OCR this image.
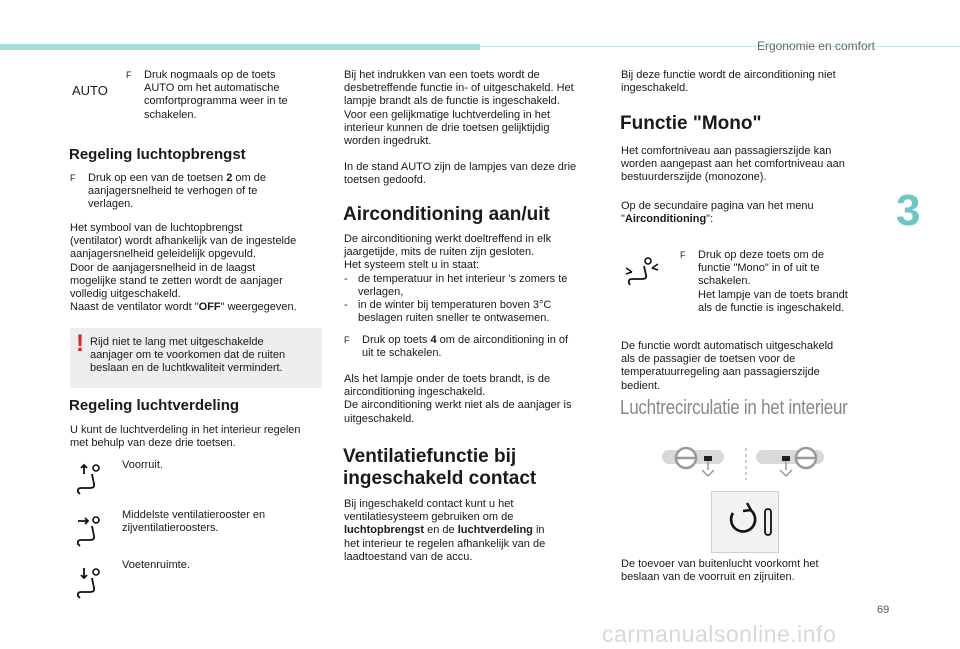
Ergonomie en comfort
3
69
AUTO
F Druk nogmaals op de toets
AUTO om het automatische
comfortprogramma weer in te
schakelen.
Regeling luchtopbrengst
F Druk op een van de toetsen 2 om de
aanjagersnelheid te verhogen of te
verlagen.
Het symbool van de luchtopbrengst
(ventilator) wordt afhankelijk van de ingestelde
aanjagersnelheid geleidelijk opgevuld.
Door de aanjagersnelheid in de laagst
mogelijke stand te zetten wordt de aanjager
volledig uitgeschakeld.
Naast de ventilator wordt "OFF" weergegeven.
! Rijd niet te lang met uitgeschakelde
aanjager om te voorkomen dat de ruiten
beslaan en de luchtkwaliteit vermindert.
Regeling luchtverdeling
U kunt de luchtverdeling in het interieur regelen
met behulp van deze drie toetsen.
Voorruit.
Middelste ventilatierooster en
zijventilatieroosters.
Voetenruimte.
Bij het indrukken van een toets wordt de
desbetreffende functie in- of uitgeschakeld. Het
lampje brandt als de functie is ingeschakeld.
Voor een gelijkmatige luchtverdeling in het
interieur kunnen de drie toetsen gelijktijdig
worden ingedrukt.
In de stand AUTO zijn de lampjes van deze drie
toetsen gedoofd.
Airconditioning aan/uit
De airconditioning werkt doeltreffend in elk
jaargetijde, mits de ruiten zijn gesloten.
Het systeem stelt u in staat:
- de temperatuur in het interieur 's zomers te
verlagen,
- in de winter bij temperaturen boven 3°C
beslagen ruiten sneller te ontwasemen.
F Druk op toets 4 om de airconditioning in of
uit te schakelen.
Als het lampje onder de toets brandt, is de
airconditioning ingeschakeld.
De airconditioning werkt niet als de aanjager is
uitgeschakeld.
Ventilatiefunctie bij
ingeschakeld contact
Bij ingeschakeld contact kunt u het
ventilatiesysteem gebruiken om de
luchtopbrengst en de luchtverdeling in
het interieur te regelen afhankelijk van de
laadtoestand van de accu.
Bij deze functie wordt de airconditioning niet
ingeschakeld.
Functie "Mono"
Het comfortniveau aan passagierszijde kan
worden aangepast aan het comfortniveau aan
bestuurderszijde (monozone).
Op de secundaire pagina van het menu
"Airconditioning":
F Druk op deze toets om de
functie "Mono" in of uit te
schakelen.
Het lampje van de toets brandt
als de functie is ingeschakeld.
De functie wordt automatisch uitgeschakeld
als de passagier de toetsen voor de
temperatuurregeling aan passagierszijde
bedient.
Luchtrecirculatie in het interieur
De toevoer van buitenlucht voorkomt het
beslaan van de voorruit en zijruiten.
carmanualsonline.info
